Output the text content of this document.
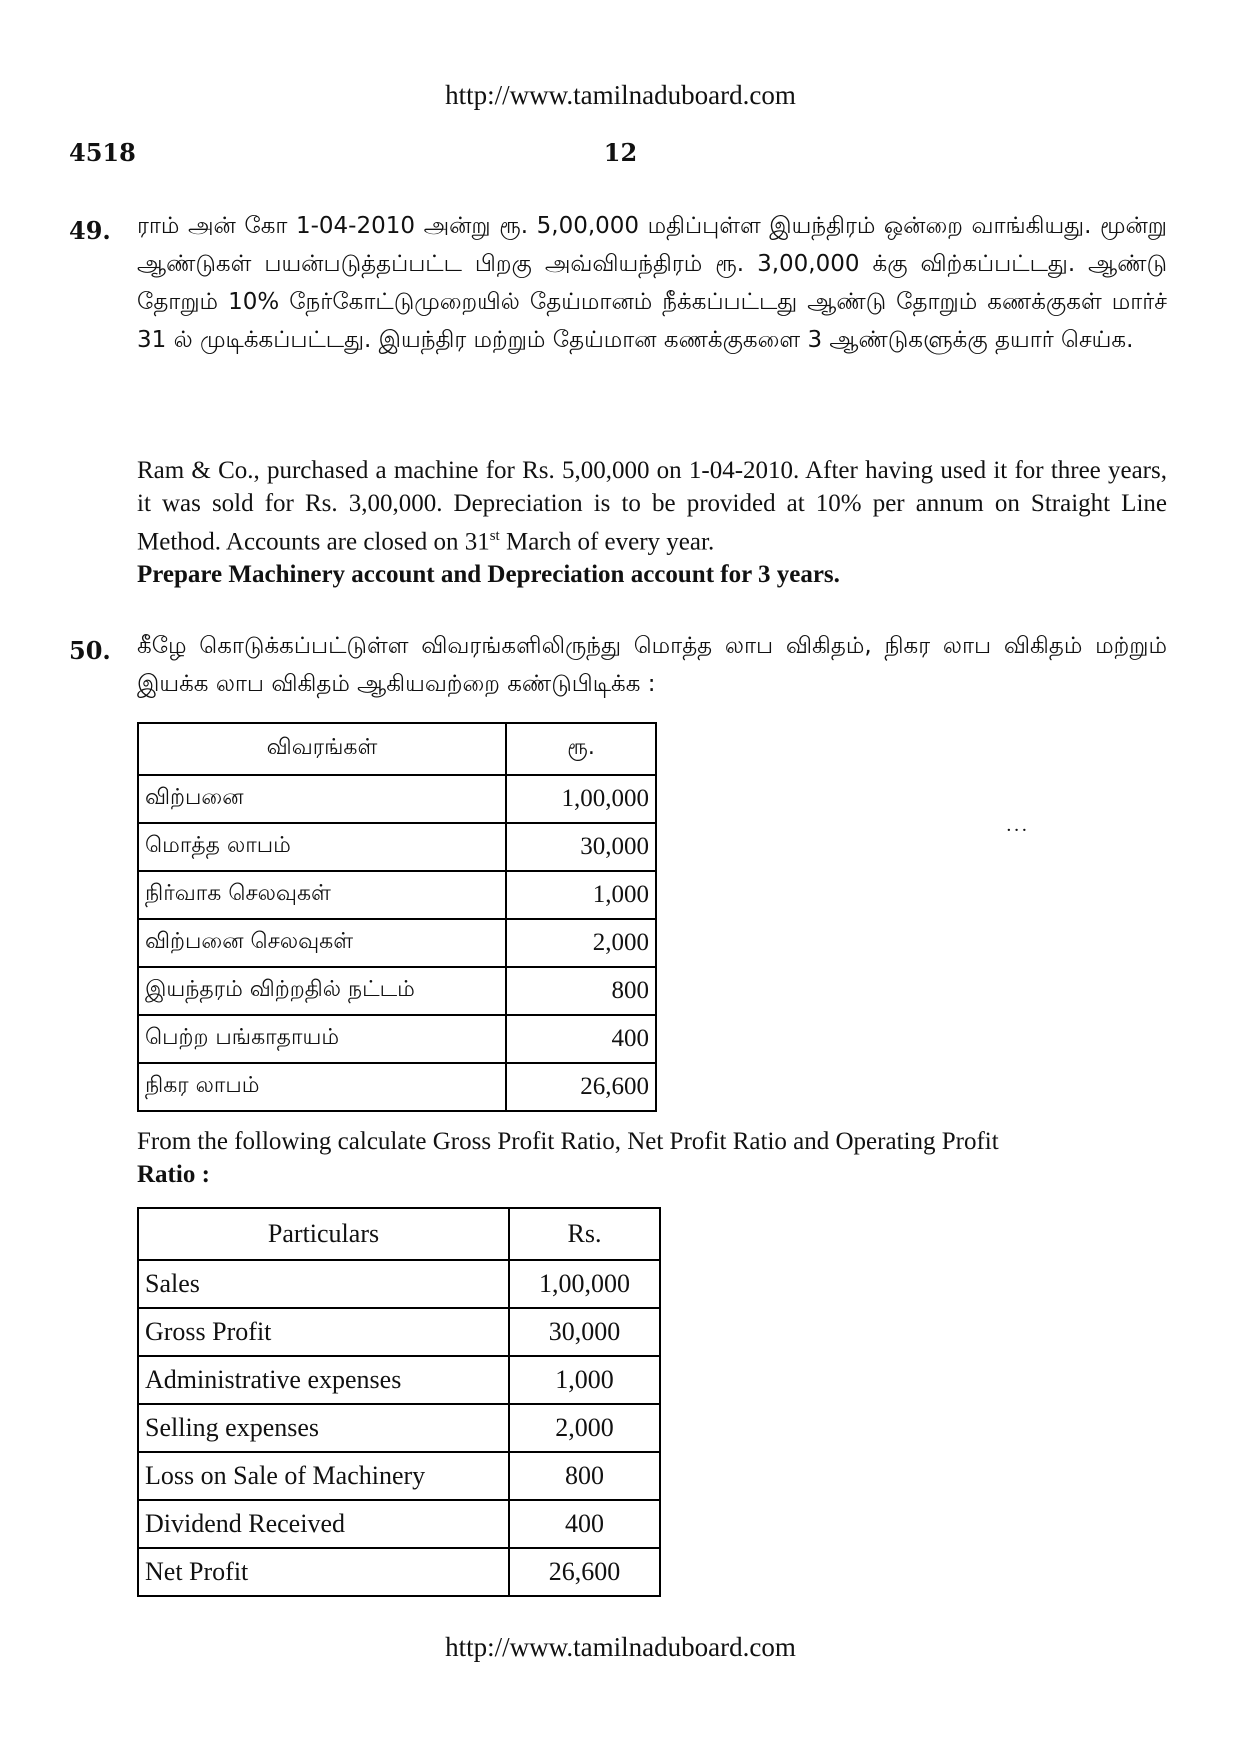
http://www.tamilnaduboard.com
4518	12
49. ராம் அன் கோ 1-04-2010 அன்று ரூ. 5,00,000 மதிப்புள்ள இயந்திரம் ஒன்றை வாங்கியது. மூன்று ஆண்டுகள் பயன்படுத்தப்பட்ட பிறகு அவ்வியந்திரம் ரூ. 3,00,000 க்கு விற்கப்பட்டது. ஆண்டு தோறும் 10% நேர்கோட்டுமுறையில் தேய்மானம் நீக்கப்பட்டது ஆண்டு தோறும் கணக்குகள் மார்ச் 31 ல் முடிக்கப்பட்டது. இயந்திர மற்றும் தேய்மான கணக்குகளை 3 ஆண்டுகளுக்கு தயார் செய்க.
Ram & Co., purchased a machine for Rs. 5,00,000 on 1-04-2010. After having used it for three years, it was sold for Rs. 3,00,000. Depreciation is to be provided at 10% per annum on Straight Line Method. Accounts are closed on 31st March of every year.
Prepare Machinery account and Depreciation account for 3 years.
50. கீழே கொடுக்கப்பட்டுள்ள விவரங்களிலிருந்து மொத்த லாப விகிதம், நிகர லாப விகிதம் மற்றும் இயக்க லாப விகிதம் ஆகியவற்றை கண்டுபிடிக்க :
விவரங்கள்	ரூ.
விற்பனை	1,00,000
மொத்த லாபம்	30,000
நிர்வாக செலவுகள்	1,000
விற்பனை செலவுகள்	2,000
இயந்தரம் விற்றதில் நட்டம்	800
பெற்ற பங்காதாயம்	400
நிகர லாபம்	26,600
···
From the following calculate Gross Profit Ratio, Net Profit Ratio and Operating Profit
Ratio :
Particulars	Rs.
Sales	1,00,000
Gross Profit	30,000
Administrative expenses	1,000
Selling expenses	2,000
Loss on Sale of Machinery	800
Dividend Received	400
Net Profit	26,600
http://www.tamilnaduboard.com
